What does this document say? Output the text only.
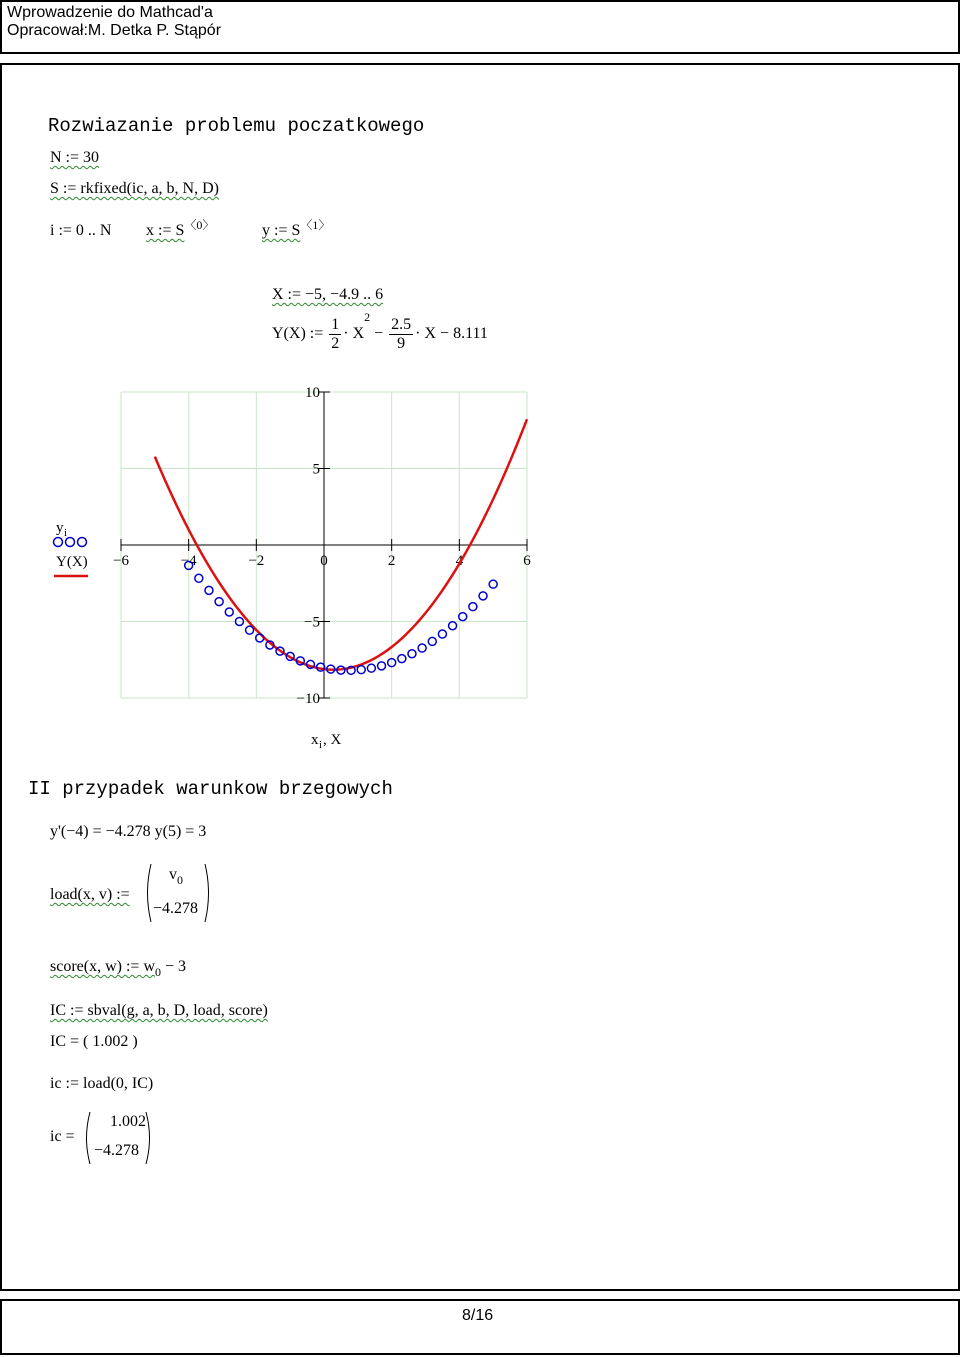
Wprowadzenie do Mathcad'a
Opracował:M. Detka P. Stąpór
Rozwiazanie problemu poczatkowego
N := 30
S := rkfixed(ic, a, b, N, D)
i := 0 .. N x := $S^{〈0〉}$	y := $S^{〈1〉}$
X := −5, −4.9 .. 6
Y(X) := $\frac{1}{2} \cdot X^2 - \frac{2.5}{9} \cdot X - 8.111$
−6	−4	−2	0	2	4	6
10
5
−5
−10
y i
Y(X)
x i , X
II przypadek warunkow brzegowych
y'(−4) = −4.278 y(5) = 3
load(x, v) :=
$v_0$
−4.278
score(x, w) := $w_0 - 3$
IC := sbval(g, a, b, D, load, score)
IC = ( 1.002 )
ic := load(0, IC)
ic =
1.002
−4.278
8/16
